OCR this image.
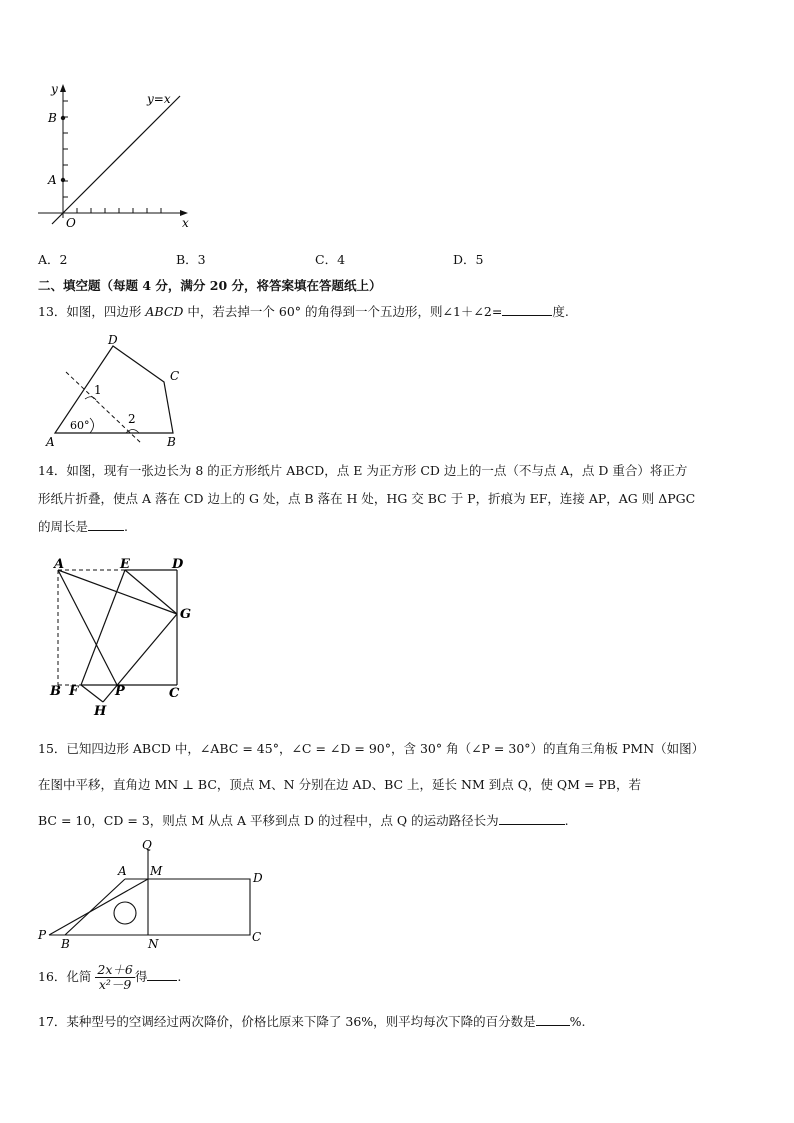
y
x
O
B
A
y=x
A．2	B．3	C．4	D．5
二、填空题（每题 4 分，满分 20 分，将答案填在答题纸上）
13．如图，四边形 ABCD 中，若去掉一个 60° 的角得到一个五边形，则∠1＋∠2=	度.
A	B
C
D
1
2
60°
14．如图，现有一张边长为 8 的正方形纸片 ABCD，点 E 为正方形 CD 边上的一点（不与点 A，点 D 重合）将正方
形纸片折叠，使点 A 落在 CD 边上的 G 处，点 B 落在 H 处，HG 交 BC 于 P，折痕为 EF，连接 AP，AG 则 ΔPGC
的周长是	.
A	E	D
G
B F	P	C
H
15．已知四边形 ABCD 中，∠ABC = 45°，∠C = ∠D = 90°，含 30° 角（∠P = 30°）的直角三角板 PMN（如图）
在图中平移，直角边 MN ⊥ BC，顶点 M、N 分别在边 AD、BC 上，延长 NM 到点 Q，使 QM = PB，若
BC = 10，CD = 3，则点 M 从点 A 平移到点 D 的过程中，点 Q 的运动路径长为	.
Q
A M	D
P
B	N	C
16．化简 $\frac{2x+6}{\text{x²－9}}$ 得 .
17．某种型号的空调经过两次降价，价格比原来下降了 36%，则平均每次下降的百分数是	%.
